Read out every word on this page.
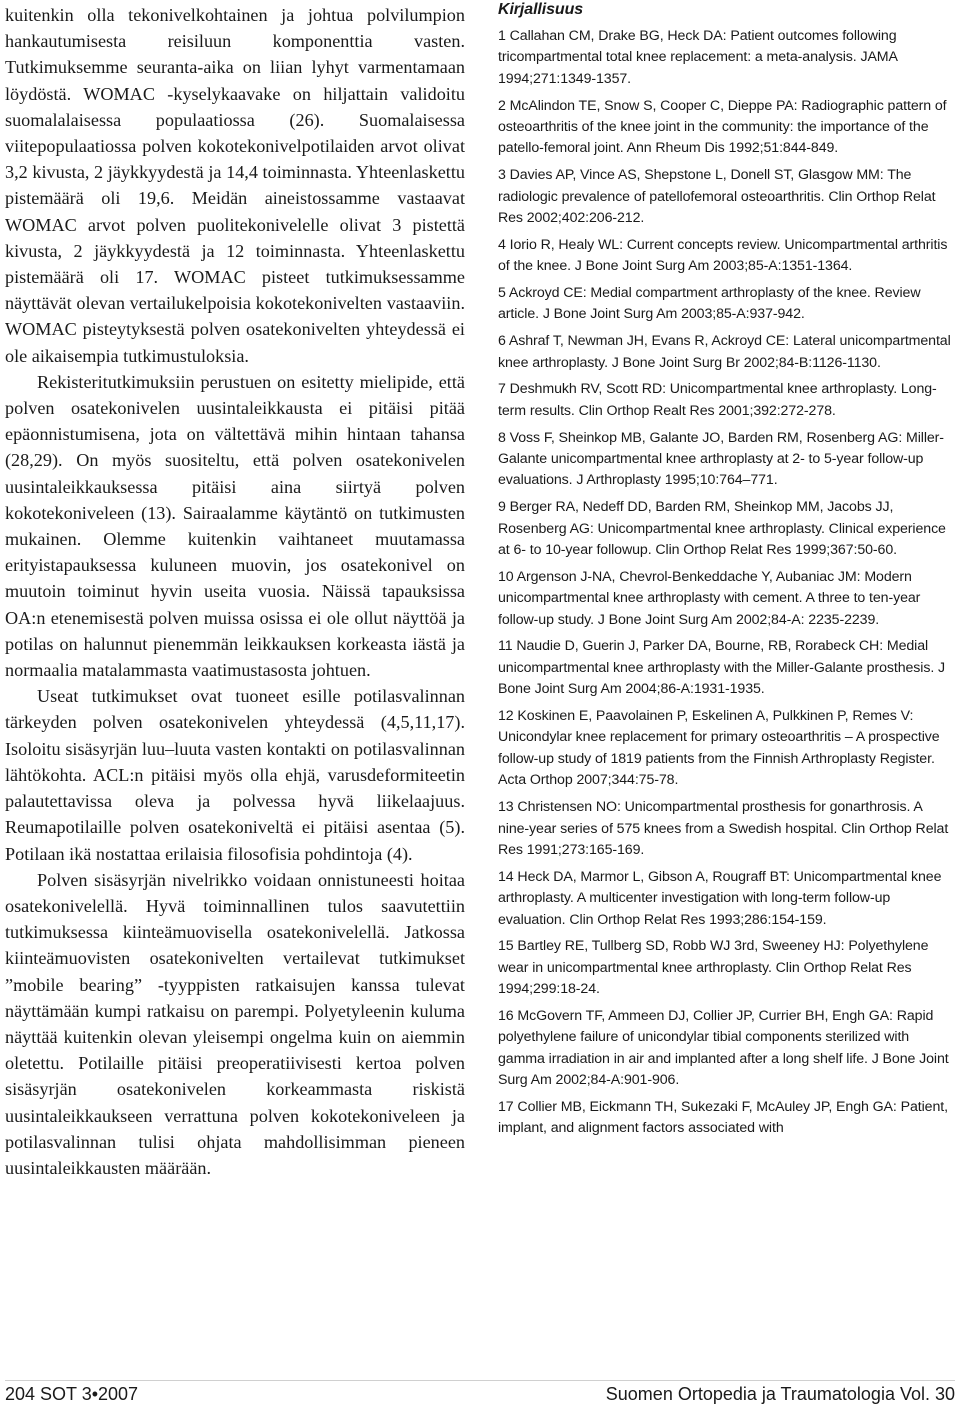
kuitenkin olla tekonivelkohtainen ja johtua polvilumpion hankautumisesta reisiluun komponenttia vasten. Tutkimuksemme seuranta-aika on liian lyhyt varmentamaan löydöstä. WOMAC -kyselykaavake on hiljattain validoitu suomalalaisessa populaatiossa (26). Suomalaisessa viitepopulaatiossa polven kokotekonivelpotilaiden arvot olivat 3,2 kivusta, 2 jäykkyydestä ja 14,4 toiminnasta. Yhteenlaskettu pistemäärä oli 19,6. Meidän aineistossamme vastaavat WOMAC arvot polven puolitekonivelelle olivat 3 pistettä kivusta, 2 jäykkyydestä ja 12 toiminnasta. Yhteenlaskettu pistemäärä oli 17. WOMAC pisteet tutkimuksessamme näyttävät olevan vertailukelpoisia kokotekonivelten vastaaviin. WOMAC pisteytyksestä polven osatekonivelten yhteydessä ei ole aikaisempia tutkimustuloksia.

Rekisteritutkimuksiin perustuen on esitetty mielipide, että polven osatekonivelen uusintaleikkausta ei pitäisi pitää epäonnistumisena, jota on vältettävä mihin hintaan tahansa (28,29). On myös suositeltu, että polven osatekonivelen uusintaleikkauksessa pitäisi aina siirtyä polven kokotekoniveleen (13). Sairaalamme käytäntö on tutkimusten mukainen. Olemme kuitenkin vaihtaneet muutamassa erityistapauksessa kuluneen muovin, jos osatekonivel on muutoin toiminut hyvin useita vuosia. Näissä tapauksissa OA:n etenemisestä polven muissa osissa ei ole ollut näyttöä ja potilas on halunnut pienemmän leikkauksen korkeasta iästä ja normaalia matalammasta vaatimustasosta johtuen.

Useat tutkimukset ovat tuoneet esille potilasvalinnan tärkeyden polven osatekonivelen yhteydessä (4,5,11,17). Isoloitu sisäsyrjän luu–luuta vasten kontakti on potilasvalinnan lähtökohta. ACL:n pitäisi myös olla ehjä, varusdeformiteetin palautettavissa oleva ja polvessa hyvä liikelaajuus. Reumapotilaille polven osatekoniveltä ei pitäisi asentaa (5). Potilaan ikä nostattaa erilaisia filosofisia pohdintoja (4).

Polven sisäsyrjän nivelrikko voidaan onnistuneesti hoitaa osatekonivelellä. Hyvä toiminnallinen tulos saavutettiin tutkimuksessa kiinteämuovisella osatekonivelellä. Jatkossa kiinteämuovisten osatekonivelten vertailevat tutkimukset ”mobile bearing” -tyyppisten ratkaisujen kanssa tulevat näyttämään kumpi ratkaisu on parempi. Polyetyleenin kuluma näyttää kuitenkin olevan yleisempi ongelma kuin on aiemmin oletettu. Potilaille pitäisi preoperatiivisesti kertoa polven sisäsyrjän osatekonivelen korkeammasta riskistä uusintaleikkaukseen verrattuna polven kokotekoniveleen ja potilasvalinnan tulisi ohjata mahdollisimman pieneen uusintaleikkausten määrään.

Kirjallisuus
1 Callahan CM, Drake BG, Heck DA: Patient outcomes following tricompartmental total knee replacement: a meta-analysis. JAMA 1994;271:1349-1357.
2 McAlindon TE, Snow S, Cooper C, Dieppe PA: Radiographic pattern of osteoarthritis of the knee joint in the community: the importance of the patello-femoral joint. Ann Rheum Dis 1992;51:844-849.
3 Davies AP, Vince AS, Shepstone L, Donell ST, Glasgow MM: The radiologic prevalence of patellofemoral osteoarthritis. Clin Orthop Relat Res 2002;402:206-212.
4 Iorio R, Healy WL: Current concepts review. Unicompartmental arthritis of the knee. J Bone Joint Surg Am 2003;85-A:1351-1364.
5 Ackroyd CE: Medial compartment arthroplasty of the knee. Review article. J Bone Joint Surg Am 2003;85-A:937-942.
6 Ashraf T, Newman JH, Evans R, Ackroyd CE: Lateral unicompartmental knee arthroplasty. J Bone Joint Surg Br 2002;84-B:1126-1130.
7 Deshmukh RV, Scott RD: Unicompartmental knee arthroplasty. Long-term results. Clin Orthop Realt Res 2001;392:272-278.
8 Voss F, Sheinkop MB, Galante JO, Barden RM, Rosenberg AG: Miller-Galante unicompartmental knee arthroplasty at 2- to 5-year follow-up evaluations. J Arthroplasty 1995;10:764–771.
9 Berger RA, Nedeff DD, Barden RM, Sheinkop MM, Jacobs JJ, Rosenberg AG: Unicompartmental knee arthroplasty. Clinical experience at 6- to 10-year followup. Clin Orthop Relat Res 1999;367:50-60.
10 Argenson J-NA, Chevrol-Benkeddache Y, Aubaniac JM: Modern unicompartmental knee arthroplasty with cement. A three to ten-year follow-up study. J Bone Joint Surg Am 2002;84-A: 2235-2239.
11 Naudie D, Guerin J, Parker DA, Bourne, RB, Rorabeck CH: Medial unicompartmental knee arthroplasty with the Miller-Galante prosthesis. J Bone Joint Surg Am 2004;86-A:1931-1935.
12 Koskinen E, Paavolainen P, Eskelinen A, Pulkkinen P, Remes V: Unicondylar knee replacement for primary osteoarthritis – A prospective follow-up study of 1819 patients from the Finnish Arthroplasty Register. Acta Orthop 2007;344:75-78.
13 Christensen NO: Unicompartmental prosthesis for gonarthrosis. A nine-year series of 575 knees from a Swedish hospital. Clin Orthop Relat Res 1991;273:165-169.
14 Heck DA, Marmor L, Gibson A, Rougraff BT: Unicompartmental knee arthroplasty. A multicenter investigation with long-term follow-up evaluation. Clin Orthop Relat Res 1993;286:154-159.
15 Bartley RE, Tullberg SD, Robb WJ 3rd, Sweeney HJ: Polyethylene wear in unicompartmental knee arthroplasty. Clin Orthop Relat Res 1994;299:18-24.
16 McGovern TF, Ammeen DJ, Collier JP, Currier BH, Engh GA: Rapid polyethylene failure of unicondylar tibial components sterilized with gamma irradiation in air and implanted after a long shelf life. J Bone Joint Surg Am 2002;84-A:901-906.
17 Collier MB, Eickmann TH, Sukezaki F, McAuley JP, Engh GA: Patient, implant, and alignment factors associated with
204 SOT 3•2007	Suomen Ortopedia ja Traumatologia Vol. 30
